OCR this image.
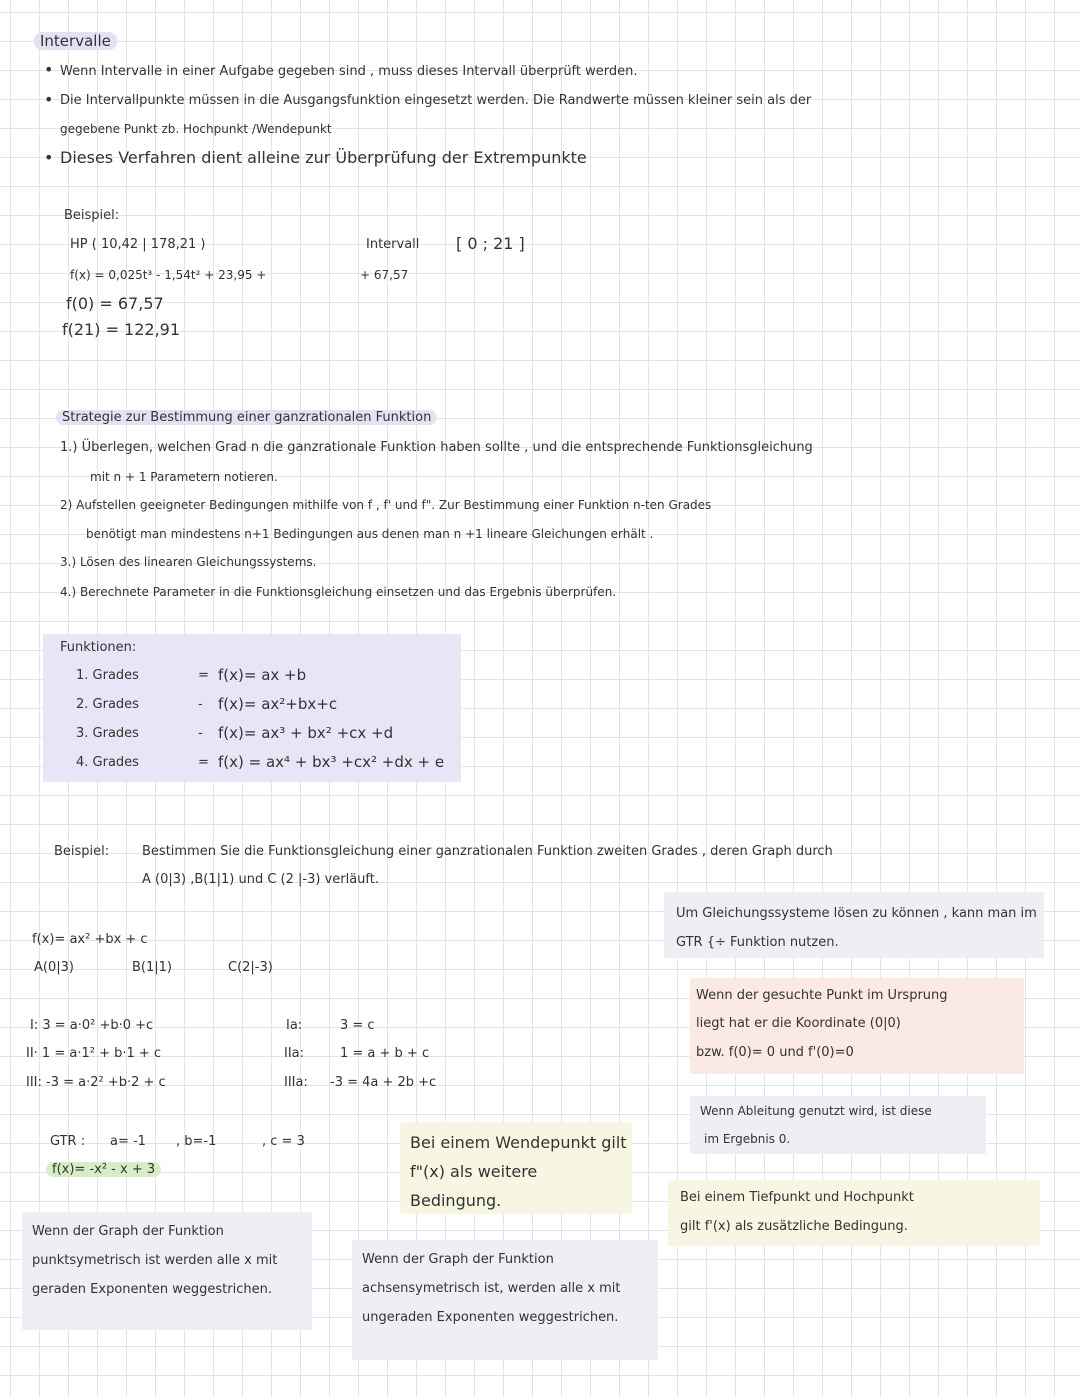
Intervalle
• Wenn Intervalle in einer Aufgabe gegeben sind , muss dieses Intervall überprüft werden.
• Die Intervallpunkte müssen in die Ausgangsfunktion eingesetzt werden. Die Randwerte müssen kleiner sein als der
gegebene Punkt zb. Hochpunkt /Wendepunkt
• Dieses Verfahren dient alleine zur Überprüfung der Extrempunkte
Beispiel:
HP ( 10,42 | 178,21 )	Intervall [ 0 ; 21 ]
f(x) = 0,025t³ - 1,54t² + 23,95 +	+ 67,57
f(0) = 67,57
f(21) = 122,91
Strategie zur Bestimmung einer ganzrationalen Funktion
1.) Überlegen, welchen Grad n die ganzrationale Funktion haben sollte , und die entsprechende Funktionsgleichung
mit n + 1 Parametern notieren.
2) Aufstellen geeigneter Bedingungen mithilfe von f , f' und f". Zur Bestimmung einer Funktion n-ten Grades
benötigt man mindestens n+1 Bedingungen aus denen man n +1 lineare Gleichungen erhält .
3.) Lösen des linearen Gleichungssystems.
4.) Berechnete Parameter in die Funktionsgleichung einsetzen und das Ergebnis überprüfen.
Funktionen:
1. Grades	= f(x)= ax +b
2. Grades	- f(x)= ax²+bx+c
3. Grades	- f(x)= ax³ + bx² +cx +d
4. Grades	= f(x) = ax⁴ + bx³ +cx² +dx + e
Beispiel:	Bestimmen Sie die Funktionsgleichung einer ganzrationalen Funktion zweiten Grades , deren Graph durch
A (0|3) ,B(1|1) und C (2 |-3) verläuft.
f(x)= ax² +bx + c
A(0|3)	B(1|1)	C(2|-3)
I: 3 = a·0² +b·0 +c
II· 1 = a·1² + b·1 + c
III: -3 = a·2² +b·2 + c
Ia:	3 = c
IIa:	1 = a + b + c
IIIa: -3 = 4a + 2b +c
GTR : a= -1 , b=-1	, c = 3
f(x)= -x² - x + 3
Um Gleichungssysteme lösen zu können , kann man im GTR {÷ Funktion nutzen.
Wenn der gesuchte Punkt im Ursprung
liegt hat er die Koordinate (0|0)
bzw. f(0)= 0 und f'(0)=0
Wenn Ableitung genutzt wird, ist diese
im Ergebnis 0.
Bei einem Wendepunkt gilt f"(x) als weitere Bedingung.	Bei einem Tiefpunkt und Hochpunkt
gilt f'(x) als zusätzliche Bedingung.
Wenn der Graph der Funktion punktsymetrisch ist werden alle x mit geraden Exponenten weggestrichen.
Wenn der Graph der Funktion achsensymetrisch ist, werden alle x mit ungeraden Exponenten weggestrichen.
